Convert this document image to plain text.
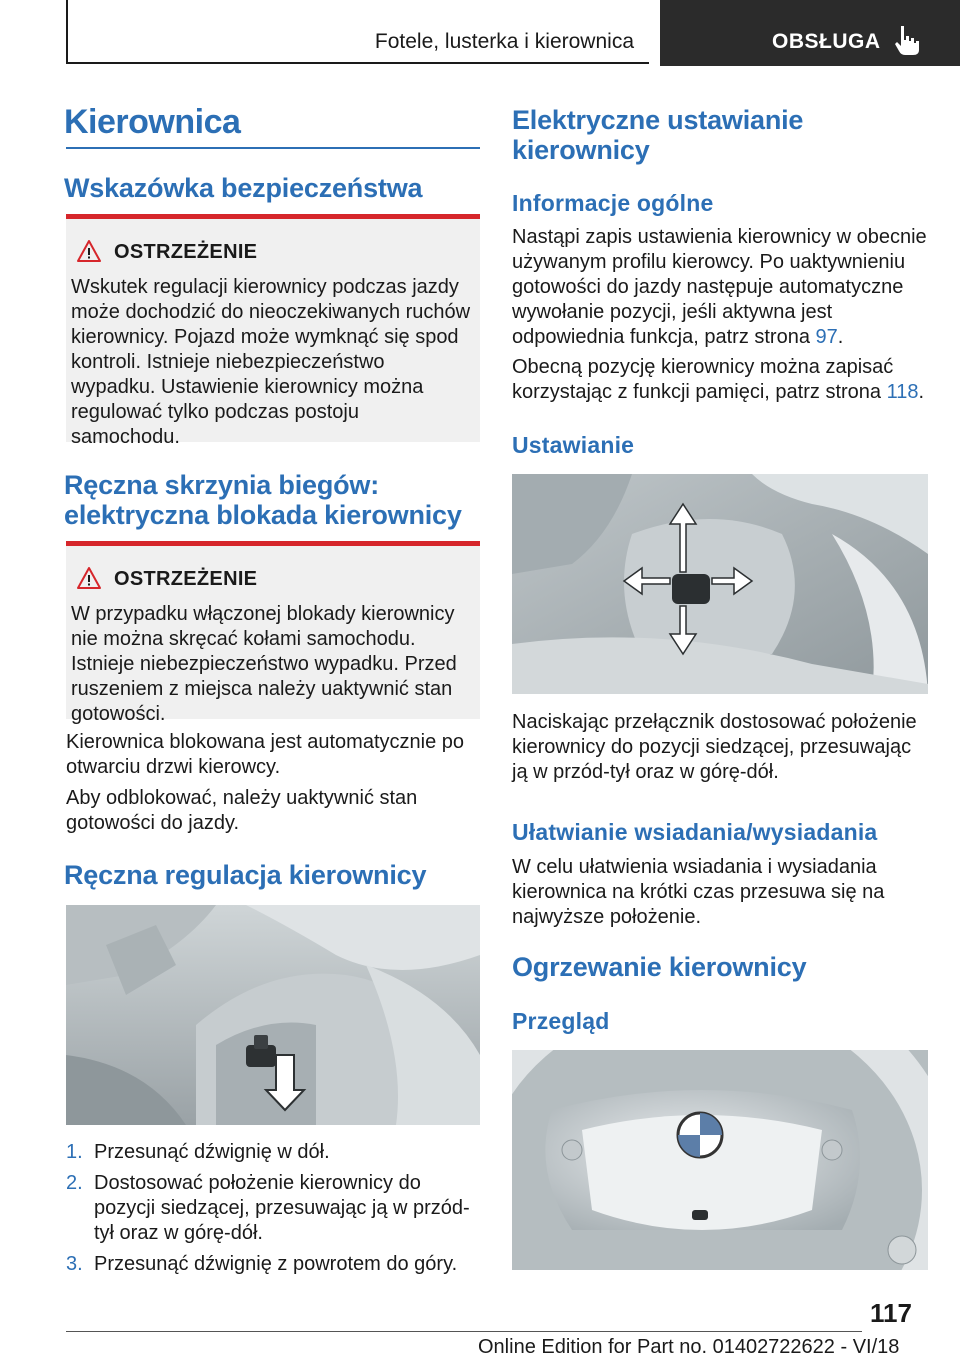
Fotele, lusterka i kierownica	OBSŁUGA
Kierownica
Wskazówka bezpieczeństwa
OSTRZEŻENIE
Wskutek regulacji kierownicy podczas jazdy może dochodzić do nieoczekiwanych ruchów kierownicy. Pojazd może wymknąć się spod kontroli. Istnieje niebezpieczeństwo wypadku. Ustawienie kierownicy można regulować tylko podczas postoju samochodu.
Ręczna skrzynia biegów: elektryczna blokada kierownicy
OSTRZEŻENIE
W przypadku włączonej blokady kierownicy nie można skręcać kołami samochodu. Istnieje niebezpieczeństwo wypadku. Przed ruszeniem z miejsca należy uaktywnić stan gotowości.
Kierownica blokowana jest automatycznie po otwarciu drzwi kierowcy.
Aby odblokować, należy uaktywnić stan gotowości do jazdy.
Ręczna regulacja kierownicy
1. Przesunąć dźwignię w dół.
2. Dostosować położenie kierownicy do pozycji siedzącej, przesuwając ją w przód-tył oraz w górę-dół.
3. Przesunąć dźwignię z powrotem do góry.
Elektryczne ustawianie kierownicy
Informacje ogólne
Nastąpi zapis ustawienia kierownicy w obecnie używanym profilu kierowcy. Po uaktywnieniu gotowości do jazdy następuje automatyczne wywołanie pozycji, jeśli aktywna jest odpowiednia funkcja, patrz strona 97.
Obecną pozycję kierownicy można zapisać korzystając z funkcji pamięci, patrz strona 118.
Ustawianie
Naciskając przełącznik dostosować położenie kierownicy do pozycji siedzącej, przesuwając ją w przód-tył oraz w górę-dół.
Ułatwianie wsiadania/wysiadania
W celu ułatwienia wsiadania i wysiadania kierownica na krótki czas przesuwa się na najwyższe położenie.
Ogrzewanie kierownicy
Przegląd
117
Online Edition for Part no. 01402722622 - VI/18
